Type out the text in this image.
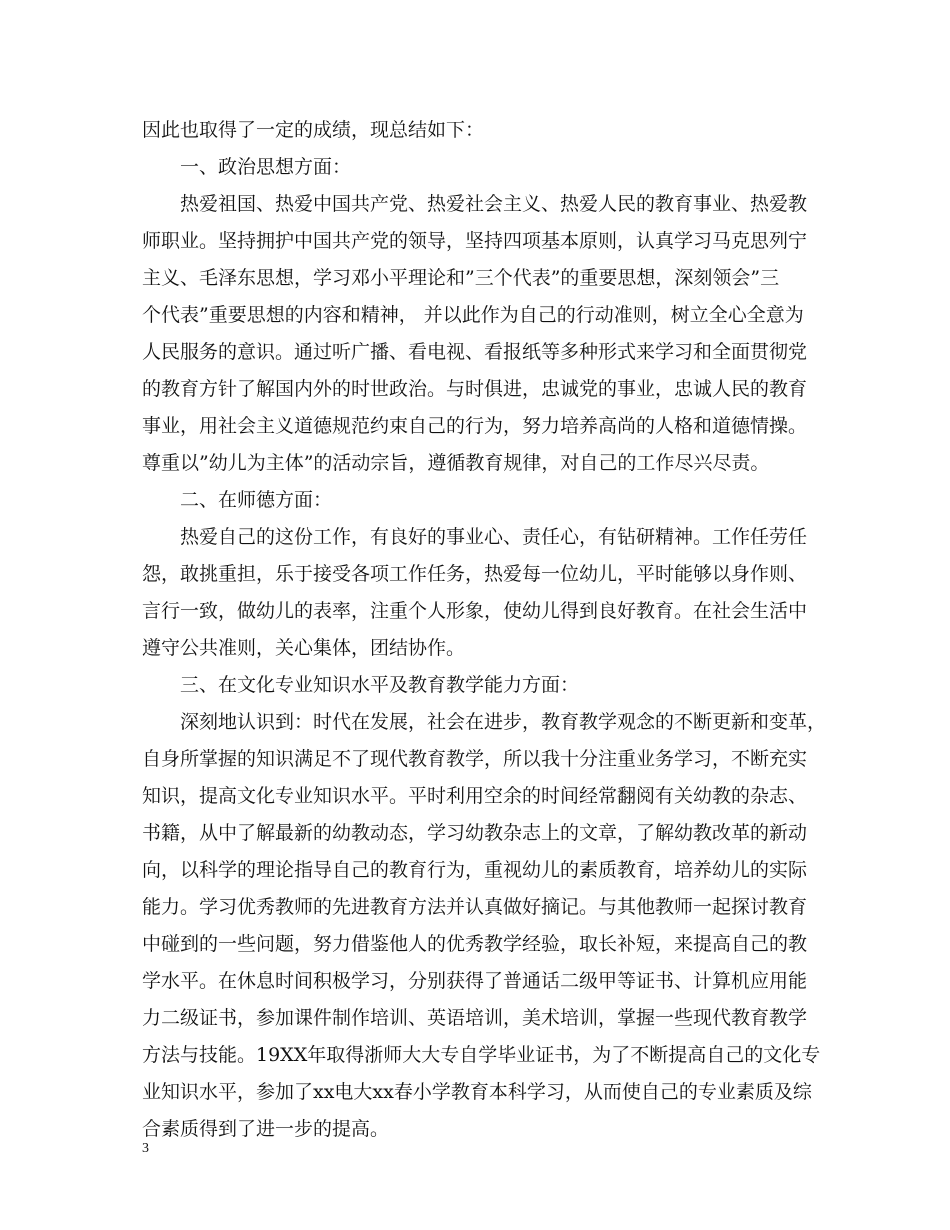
因此也取得了一定的成绩，现总结如下：
一、政治思想方面：
热爱祖国、热爱中国共产党、热爱社会主义、热爱人民的教育事业、热爱教
师职业。坚持拥护中国共产党的领导，坚持四项基本原则，认真学习马克思列宁
主义、毛泽东思想，学习邓小平理论和”三个代表”的重要思想，深刻领会”三
个代表”重要思想的内容和精神， 并以此作为自己的行动准则，树立全心全意为
人民服务的意识。通过听广播、看电视、看报纸等多种形式来学习和全面贯彻党
的教育方针了解国内外的时世政治。与时俱进，忠诚党的事业，忠诚人民的教育
事业，用社会主义道德规范约束自己的行为，努力培养高尚的人格和道德情操。
尊重以”幼儿为主体”的活动宗旨，遵循教育规律，对自己的工作尽兴尽责。
二、在师德方面：
热爱自己的这份工作，有良好的事业心、责任心，有钻研精神。工作任劳任
怨，敢挑重担，乐于接受各项工作任务，热爱每一位幼儿，平时能够以身作则、
言行一致，做幼儿的表率，注重个人形象，使幼儿得到良好教育。在社会生活中
遵守公共准则，关心集体，团结协作。
三、在文化专业知识水平及教育教学能力方面：
深刻地认识到：时代在发展，社会在进步，教育教学观念的不断更新和变革，
自身所掌握的知识满足不了现代教育教学，所以我十分注重业务学习，不断充实
知识，提高文化专业知识水平。平时利用空余的时间经常翻阅有关幼教的杂志、
书籍，从中了解最新的幼教动态，学习幼教杂志上的文章，了解幼教改革的新动
向，以科学的理论指导自己的教育行为，重视幼儿的素质教育，培养幼儿的实际
能力。学习优秀教师的先进教育方法并认真做好摘记。与其他教师一起探讨教育
中碰到的一些问题，努力借鉴他人的优秀教学经验，取长补短，来提高自己的教
学水平。在休息时间积极学习，分别获得了普通话二级甲等证书、计算机应用能
力二级证书，参加课件制作培训、英语培训，美术培训，掌握一些现代教育教学
方法与技能。19XX年取得浙师大大专自学毕业证书，为了不断提高自己的文化专
业知识水平，参加了xx电大xx春小学教育本科学习，从而使自己的专业素质及综
合素质得到了进一步的提高。
3
